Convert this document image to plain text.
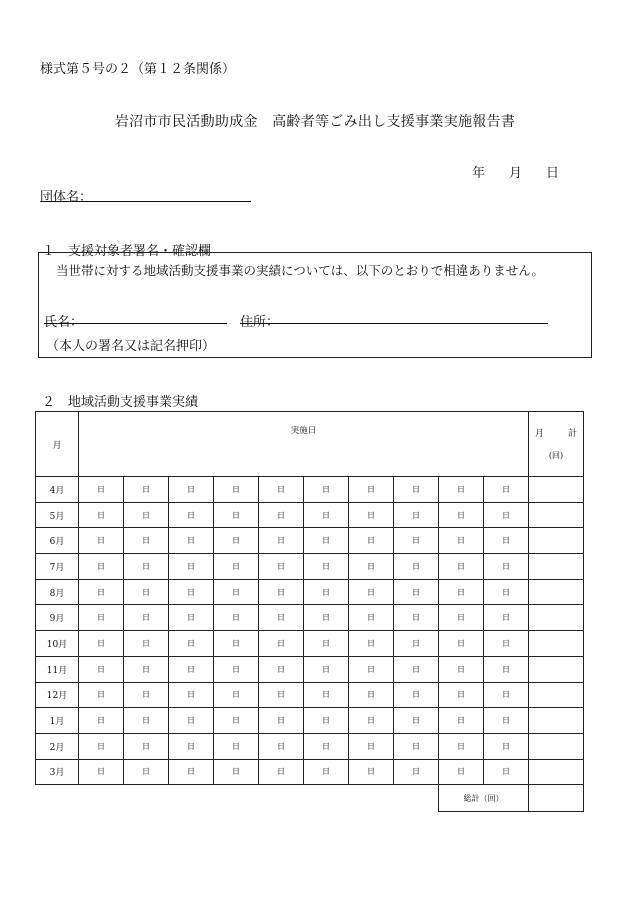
様式第５号の２（第１２条関係）
岩沼市市民活動助成金　高齢者等ごみ出し支援事業実施報告書
年 月 日
団体名：
１　支援対象者署名・確認欄
当世帯に対する地域活動支援事業の実績については、以下のとおりで相違ありません。
氏名：	住所：
（本人の署名又は記名押印）
２　地域活動支援事業実績
月	実施日										月 計
(回)

4月	日	日	日	日	日	日	日	日	日	日	
5月	日	日	日	日	日	日	日	日	日	日	
6月	日	日	日	日	日	日	日	日	日	日	
7月	日	日	日	日	日	日	日	日	日	日	
8月	日	日	日	日	日	日	日	日	日	日	
9月	日	日	日	日	日	日	日	日	日	日	
10月	日	日	日	日	日	日	日	日	日	日	
11月	日	日	日	日	日	日	日	日	日	日	
12月	日	日	日	日	日	日	日	日	日	日	
1月	日	日	日	日	日	日	日	日	日	日	
2月	日	日	日	日	日	日	日	日	日	日	
3月	日	日	日	日	日	日	日	日	日	日	
									総計（回）		
